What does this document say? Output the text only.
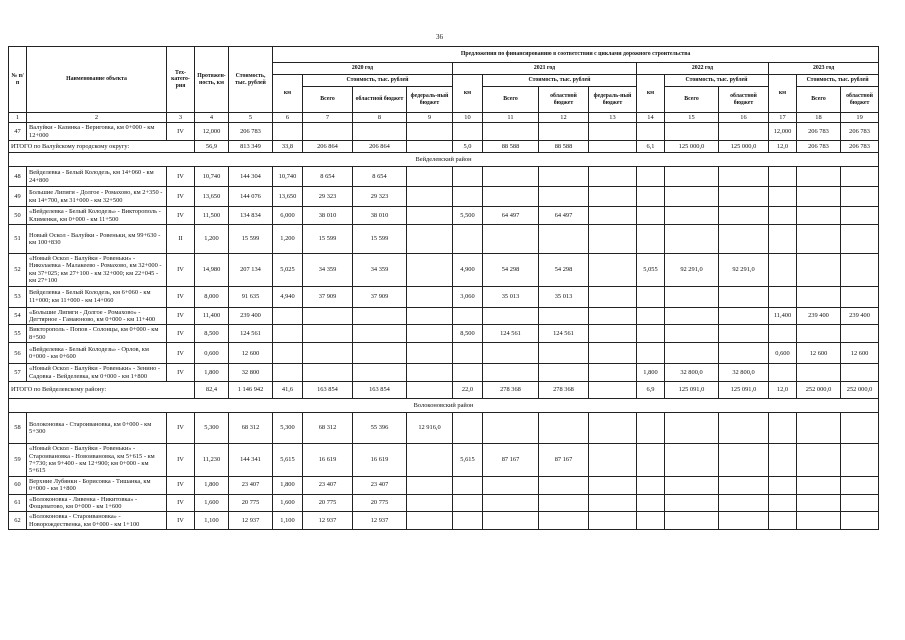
36
№ п/п	Наименование объекта	Тех-катего-рия	Протяжен-ность, км	Стоимость, тыс. рублей	Предложения по финансированию в соответствии с циклами дорожного строительства													
					2020 год				2021 год				2022 год			2023 год		
					км	Стоимость, тыс. рублей			км	Стоимость, тыс. рублей			км	Стоимость, тыс. рублей		км	Стоимость, тыс. рублей	
						Всего	областной бюджет	федераль-ный бюджет		Всего	областной бюджет	федераль-ный бюджет		Всего	областной бюджет		Всего	областной бюджет
1	2	3	4	5	6	7	8	9	10	11	12	13	14	15	16	17	18	19
47	Валуйки - Казинка - Вериговка, км 0+000 - км 12+000	IV	12,000	206 783												12,000	206 783	206 783
ИТОГО по Валуйскому городскому округу:			56,9	813 349	33,8	206 864	206 864		5,0	88 588	88 588		6,1	125 000,0	125 000,0	12,0	206 783	206 783
Вейделевский район																		
48	Вейделевка - Белый Колодезь, км 14+060 - км 24+800	IV	10,740	144 304	10,740	8 654	8 654											
49	Большие Липяги - Долгое - Ромахово, км 2+350 - км 14+700, км 31+000 - км 32+500	IV	13,650	144 076	13,650	29 323	29 323											
50	«Вейделевка - Белый Колодезь» - Викторополь - Клименки, км 0+000 - км 11+500	IV	11,500	134 834	6,000	38 010	38 010		5,500	64 497	64 497							
51	Новый Оскол - Валуйки - Ровеньки, км 99+630 - км 100+830	II	1,200	15 599	1,200	15 599	15 599											
52	«Новый Оскол - Валуйки - Ровеньки» - Николаевка - Малакеево - Ромахово, км 32+000 - км 37+025; км 27+100 - км 32+000; км 22+045 - км 27+100	IV	14,980	207 134	5,025	34 359	34 359		4,900	54 298	54 298		5,055	92 291,0	92 291,0			
53	Вейделевка - Белый Колодезь, км 6+060 - км 11+000; км 11+000 - км 14+060	IV	8,000	91 635	4,940	37 909	37 909		3,060	35 013	35 013							
54	«Большие Липяги - Долгое - Ромахово» - Дегтярное - Гамаюново, км 0+000 - км 11+400	IV	11,400	239 400												11,400	239 400	239 400
55	Викторополь - Попов - Солонцы, км 0+000 - км 8+500	IV	8,500	124 561					8,500	124 561	124 561							
56	«Вейделевка - Белый Колодезь» - Орлов, км 0+000 - км 0+600	IV	0,600	12 600												0,600	12 600	12 600
57	«Новый Оскол - Валуйки - Ровеньки» - Зенино - Садовка - Вейделевка, км 0+000 - км 1+800	IV	1,800	32 800									1,800	32 800,0	32 800,0			
ИТОГО по Вейделевскому району:			82,4	1 146 942	41,6	163 854	163 854		22,0	278 368	278 368		6,9	125 091,0	125 091,0	12,0	252 000,0	252 000,0
Волоконовский район																		
58	Волоконовка - Староивановка, км 0+000 - км 5+300	IV	5,300	68 312	5,300	68 312	55 396	12 916,0										
59	«Новый Оскол - Валуйки - Ровеньки» - Староивановка - Новоивановка, км 5+615 - км 7+730; км 9+400 - км 12+900; км 0+000 - км 5+615	IV	11,230	144 341	5,615	16 619	16 619		5,615	87 167	87 167							
60	Верхние Лубянки - Борисовка - Тишанка, км 0+000 - км 1+800	IV	1,800	23 407	1,800	23 407	23 407											
61	«Волоконовка - Ливенка - Никитовка» - Фощеватово, км 0+000 - км 1+600	IV	1,600	20 775	1,600	20 775	20 775											
62	«Волоконовка - Староивановка» - Новорождественка, км 0+000 - км 1+100	IV	1,100	12 937	1,100	12 937	12 937											
